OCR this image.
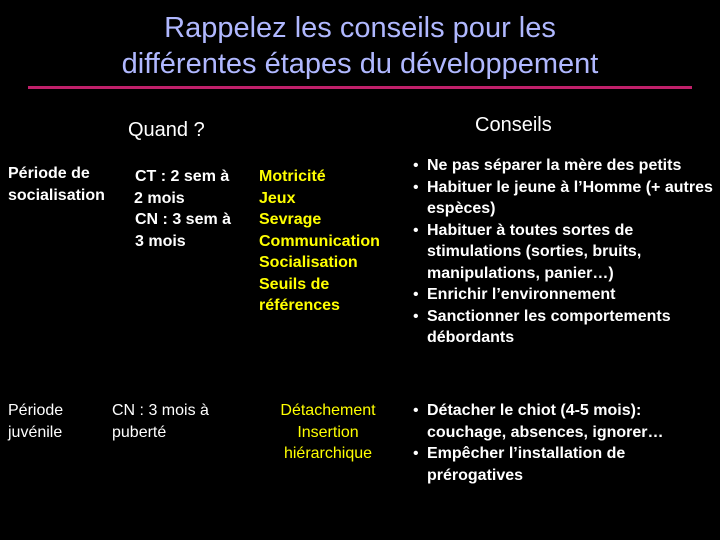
Rappelez les conseils pour les
différentes étapes du développement
Quand ?	Conseils
Période de
socialisation
CT : 2 sem à
2 mois
CN : 3 sem à
3 mois
Motricité
Jeux
Sevrage
Communication
Socialisation
Seuils de
références
• Ne pas séparer la mère des petits
• Habituer le jeune à l’Homme (+ autres espèces)
• Habituer à toutes sortes de stimulations (sorties, bruits, manipulations, panier…)
• Enrichir l’environnement
• Sanctionner les comportements débordants
Période
juvénile
CN : 3 mois à
puberté
Détachement
Insertion
hiérarchique
• Détacher le chiot (4-5 mois): couchage, absences, ignorer…
• Empêcher l’installation de prérogatives
